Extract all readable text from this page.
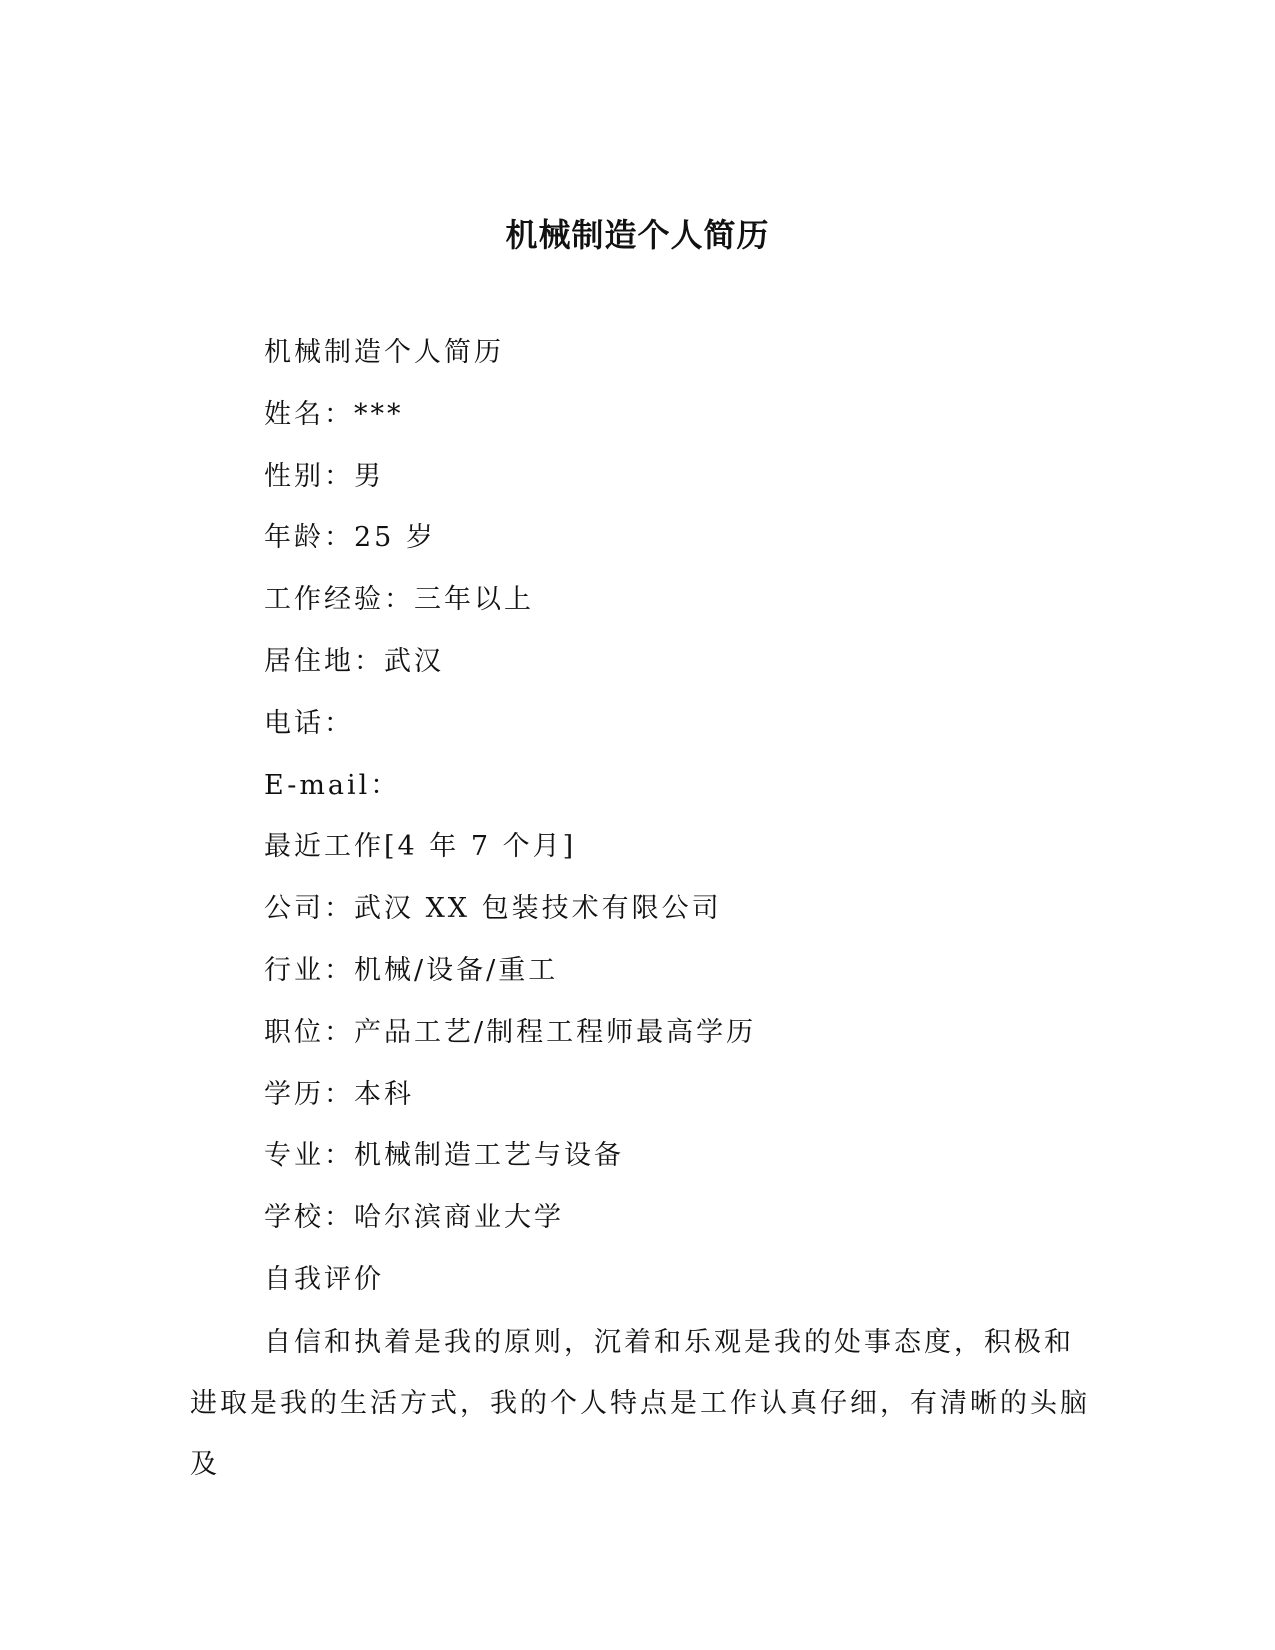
机械制造个人简历
机械制造个人简历
姓名：***
性别：男
年龄：25 岁
工作经验：三年以上
居住地：武汉
电话：
E-mail：
最近工作[4 年 7 个月]
公司：武汉 XX 包装技术有限公司
行业：机械/设备/重工
职位：产品工艺/制程工程师最高学历
学历：本科
专业：机械制造工艺与设备
学校：哈尔滨商业大学
自我评价
自信和执着是我的原则，沉着和乐观是我的处事态度，积极和进取是我的生活方式，我的个人特点是工作认真仔细，有清晰的头脑及
